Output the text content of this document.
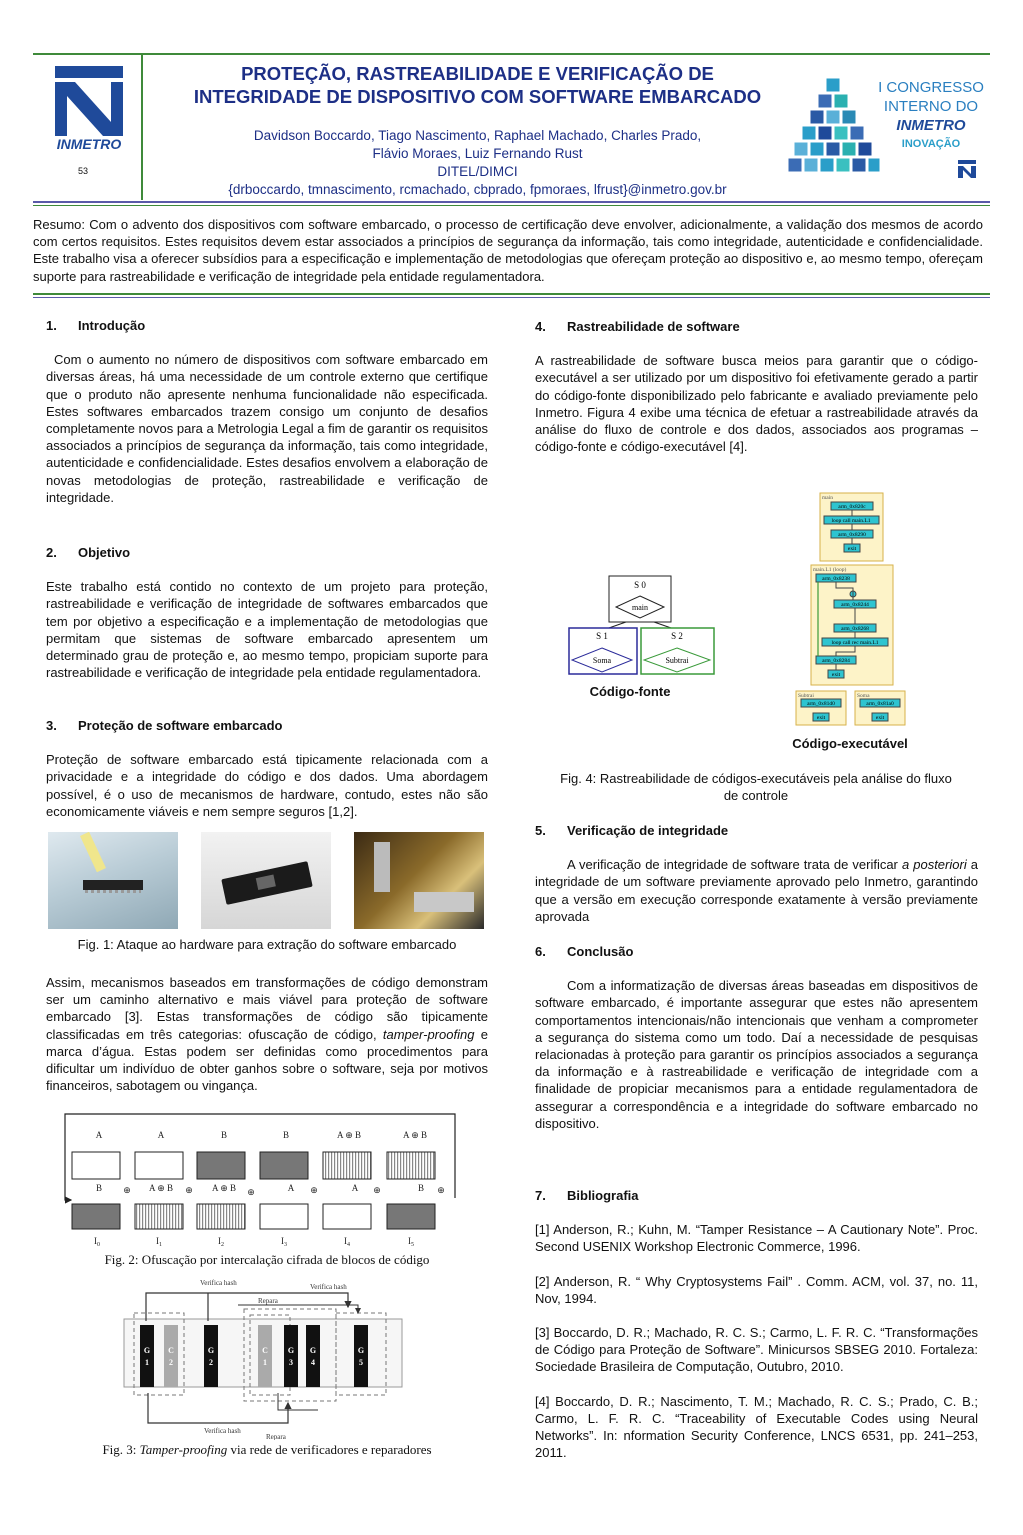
INMETRO
53
PROTEÇÃO, RASTREABILIDADE E VERIFICAÇÃO DE
INTEGRIDADE DE DISPOSITIVO COM SOFTWARE EMBARCADO
Davidson Boccardo, Tiago Nascimento, Raphael Machado, Charles Prado,
Flávio Moraes, Luiz Fernando Rust
DITEL/DIMCI
{drboccardo, tmnascimento, rcmachado, cbprado, fpmoraes, lfrust}@inmetro.gov.br
I CONGRESSO
INTERNO DO
INMETRO
INOVAÇÃO
Resumo: Com o advento dos dispositivos com software embarcado, o processo de certificação deve envolver, adicionalmente, a validação dos mesmos de acordo com certos requisitos. Estes requisitos devem estar associados a princípios de segurança da informação, tais como integridade, autenticidade e confidencialidade. Este trabalho visa a oferecer subsídios para a especificação e implementação de metodologias que ofereçam proteção ao dispositivo e, ao mesmo tempo, ofereçam suporte para rastreabilidade e verificação de integridade pela entidade regulamentadora.

1. Introdução

Com o aumento no número de dispositivos com software embarcado em diversas áreas, há uma necessidade de um controle externo que certifique que o produto não apresente nenhuma funcionalidade não especificada. Estes softwares embarcados trazem consigo um conjunto de desafios completamente novos para a Metrologia Legal a fim de garantir os requisitos associados a princípios de segurança da informação, tais como integridade, autenticidade e confidencialidade. Estes desafios envolvem a elaboração de novas metodologias de proteção, rastreabilidade e verificação de integridade.

2. Objetivo

Este trabalho está contido no contexto de um projeto para proteção, rastreabilidade e verificação de integridade de softwares embarcados que tem por objetivo a especificação e a implementação de metodologias que permitam que sistemas de software embarcado apresentem um determinado grau de proteção e, ao mesmo tempo, propiciam suporte para rastreabilidade e verificação de integridade pela entidade regulamentadora.

3. Proteção de software embarcado

Proteção de software embarcado está tipicamente relacionada com a privacidade e a integridade do código e dos dados. Uma abordagem possível, é o uso de mecanismos de hardware, contudo, estes não são economicamente viáveis e nem sempre seguros [1,2].

Fig. 1: Ataque ao hardware para extração do software embarcado

Assim, mecanismos baseados em transformações de código demonstram ser um caminho alternativo e mais viável para proteção de software embarcado [3]. Estas transformações de código são tipicamente classificadas em três categorias: ofuscação de código, tamper-proofing e marca d’água. Estas podem ser definidas como procedimentos para dificultar um indivíduo de obter ganhos sobre o software, seja por motivos financeiros, sabotagem ou vingança.

A	A	B	B	A ⊕ B	A ⊕ B
B	A ⊕ B	A ⊕ B	A	A	B
⊕	⊕	⊕	⊕	⊕	⊕
$I_0$	$I_1$	$I_2$	$I_3$	$I_4$	$I_5$
Fig. 2: Ofuscação por intercalação cifrada de blocos de código
G
1
C
2
G
2
C
1
G
3
G
4
G
5
Verifica hash	Verifica hash
Repara
Verifica hash
Repara
Fig. 3: Tamper-proofing via rede de verificadores e reparadores

4. Rastreabilidade de software

A rastreabilidade de software busca meios para garantir que o código-executável a ser utilizado por um dispositivo foi efetivamente gerado a partir do código-fonte disponibilizado pelo fabricante e avaliado previamente pelo Inmetro. Figura 4 exibe uma técnica de efetuar a rastreabilidade através da análise do fluxo de controle e dos dados, associados aos programas – código-fonte e código-executável [4].

S 0
main
S 1
Soma
S 2
Subtrai
main
arm_0x820c
loop call main.L1
arm_0x8290
exit
main.L1 (loop)
arm_0x8238
arm_0x8244
arm_0x8268
loop call rec main.L1
arm_0x8284
exit
Subtrai
arm_0x81d0
exit
Soma
arm_0x81a0
exit
Código-fonte
Código-executável
Fig. 4: Rastreabilidade de códigos-executáveis pela análise do fluxo de controle

5. Verificação de integridade

A verificação de integridade de software trata de verificar a posteriori a integridade de um software previamente aprovado pelo Inmetro, garantindo que a versão em execução corresponde exatamente à versão previamente aprovada

6. Conclusão

Com a informatização de diversas áreas baseadas em dispositivos de software embarcado, é importante assegurar que estes não apresentem comportamentos intencionais/não intencionais que venham a comprometer a segurança do sistema como um todo. Daí a necessidade de pesquisas relacionadas à proteção para garantir os princípios associados a segurança da informação e à rastreabilidade e verificação de integridade com a finalidade de propiciar mecanismos para a entidade regulamentadora de assegurar a correspondência e a integridade do software embarcado no dispositivo.

7. Bibliografia

[1] Anderson, R.; Kuhn, M. “Tamper Resistance – A Cautionary Note”. Proc. Second USENIX Workshop Electronic Commerce, 1996.

[2] Anderson, R. “ Why Cryptosystems Fail” . Comm. ACM, vol. 37, no. 11, Nov, 1994.

[3] Boccardo, D. R.; Machado, R. C. S.; Carmo, L. F. R. C. “Transformações de Código para Proteção de Software”. Minicursos SBSEG 2010. Fortaleza: Sociedade Brasileira de Computação, Outubro, 2010.

[4] Boccardo, D. R.; Nascimento, T. M.; Machado, R. C. S.; Prado, C. B.; Carmo, L. F. R. C. “Traceability of Executable Codes using Neural Networks”. In: nformation Security Conference, LNCS 6531, pp. 241–253, 2011.
